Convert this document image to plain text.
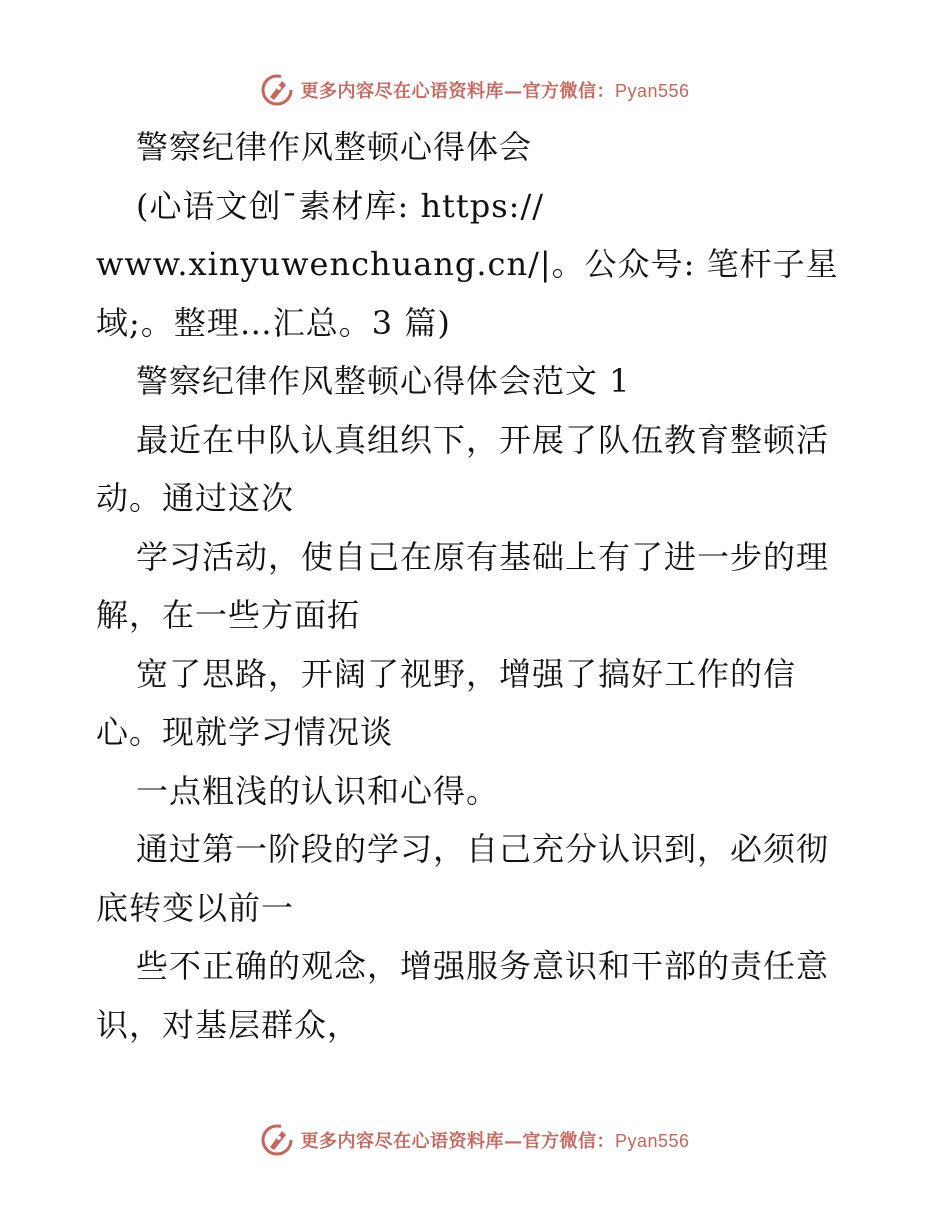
更多内容尽在心语资料库—官方微信：Pyan556
警察纪律作风整顿心得体会
(心语文创¯素材库: https://
www.xinyuwenchuang.cn/|。公众号: 笔杆子星
域;。整理…汇总。3 篇)
警察纪律作风整顿心得体会范文 1
最近在中队认真组织下，开展了队伍教育整顿活
动。通过这次
学习活动，使自己在原有基础上有了进一步的理
解，在一些方面拓
宽了思路，开阔了视野，增强了搞好工作的信
心。现就学习情况谈
一点粗浅的认识和心得。
通过第一阶段的学习，自己充分认识到，必须彻
底转变以前一
些不正确的观念，增强服务意识和干部的责任意
识，对基层群众，
更多内容尽在心语资料库—官方微信：Pyan556
